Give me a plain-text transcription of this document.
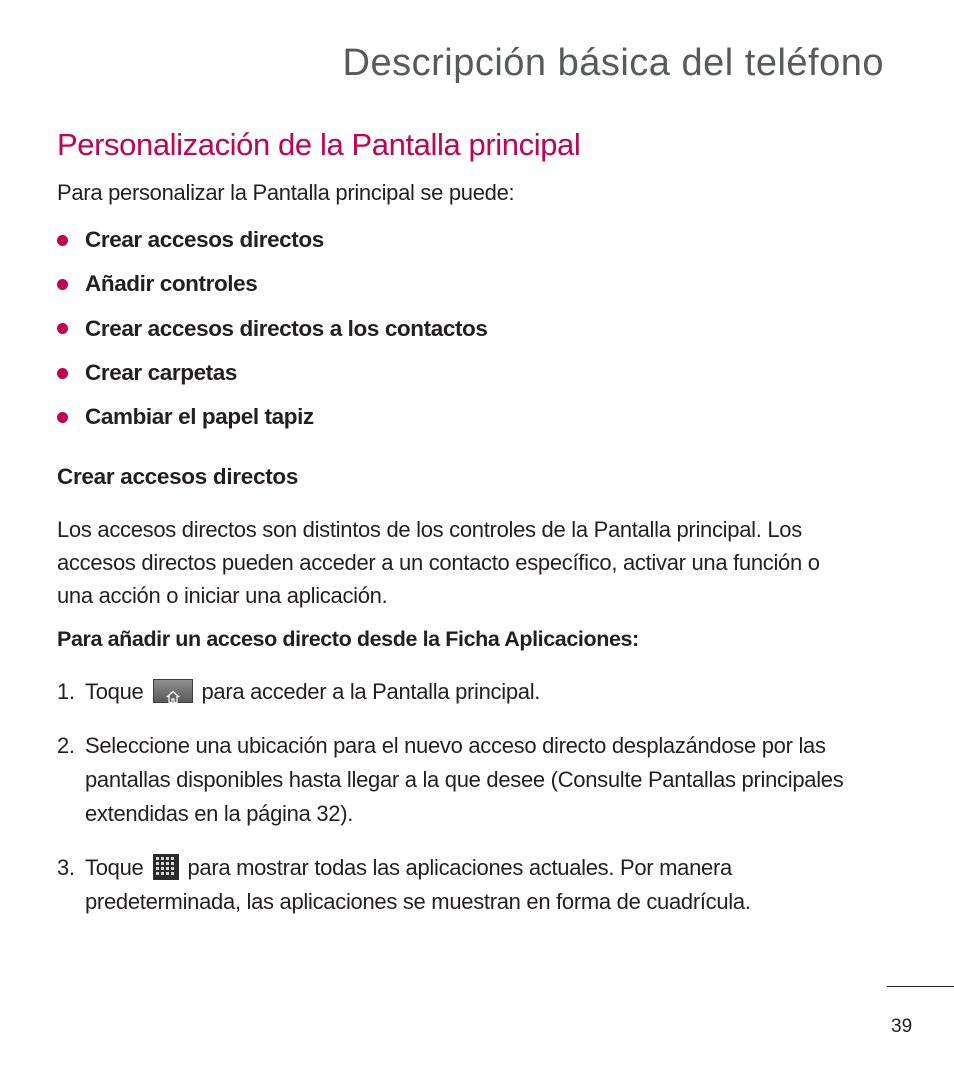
Descripción básica del teléfono
Personalización de la Pantalla principal

Para personalizar la Pantalla principal se puede:

Crear accesos directos
Añadir controles
Crear accesos directos a los contactos
Crear carpetas
Cambiar el papel tapiz
Crear accesos directos

Los accesos directos son distintos de los controles de la Pantalla principal. Los accesos directos pueden acceder a un contacto específico, activar una función o una acción o iniciar una aplicación.

Para añadir un acceso directo desde la Ficha Aplicaciones:

1. Toque	para acceder a la Pantalla principal.
2. Seleccione una ubicación para el nuevo acceso directo desplazándose por las pantallas disponibles hasta llegar a la que desee (Consulte Pantallas principales extendidas en la página 32).
3. Toque para mostrar todas las aplicaciones actuales. Por manera predeterminada, las aplicaciones se muestran en forma de cuadrícula.

39
